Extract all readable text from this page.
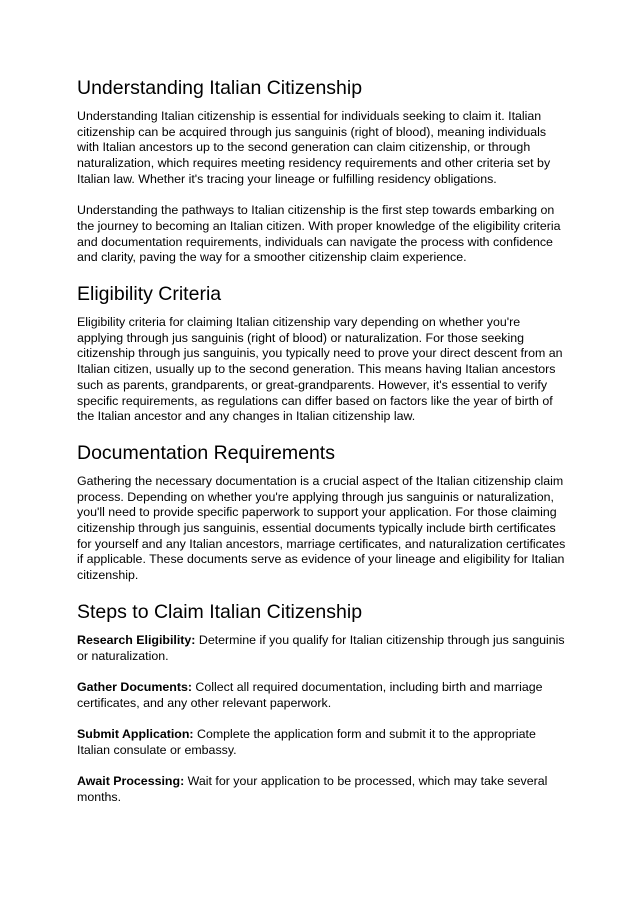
Understanding Italian Citizenship

Understanding Italian citizenship is essential for individuals seeking to claim it. Italian citizenship can be acquired through jus sanguinis (right of blood), meaning individuals with Italian ancestors up to the second generation can claim citizenship, or through naturalization, which requires meeting residency requirements and other criteria set by Italian law. Whether it's tracing your lineage or fulfilling residency obligations.

Understanding the pathways to Italian citizenship is the first step towards embarking on the journey to becoming an Italian citizen. With proper knowledge of the eligibility criteria and documentation requirements, individuals can navigate the process with confidence and clarity, paving the way for a smoother citizenship claim experience.

Eligibility Criteria

Eligibility criteria for claiming Italian citizenship vary depending on whether you're applying through jus sanguinis (right of blood) or naturalization. For those seeking citizenship through jus sanguinis, you typically need to prove your direct descent from an Italian citizen, usually up to the second generation. This means having Italian ancestors such as parents, grandparents, or great-grandparents. However, it's essential to verify specific requirements, as regulations can differ based on factors like the year of birth of the Italian ancestor and any changes in Italian citizenship law.

Documentation Requirements

Gathering the necessary documentation is a crucial aspect of the Italian citizenship claim process. Depending on whether you're applying through jus sanguinis or naturalization, you'll need to provide specific paperwork to support your application. For those claiming citizenship through jus sanguinis, essential documents typically include birth certificates for yourself and any Italian ancestors, marriage certificates, and naturalization certificates if applicable. These documents serve as evidence of your lineage and eligibility for Italian citizenship.

Steps to Claim Italian Citizenship

Research Eligibility: Determine if you qualify for Italian citizenship through jus sanguinis or naturalization.

Gather Documents: Collect all required documentation, including birth and marriage certificates, and any other relevant paperwork.

Submit Application: Complete the application form and submit it to the appropriate Italian consulate or embassy.

Await Processing: Wait for your application to be processed, which may take several months.
